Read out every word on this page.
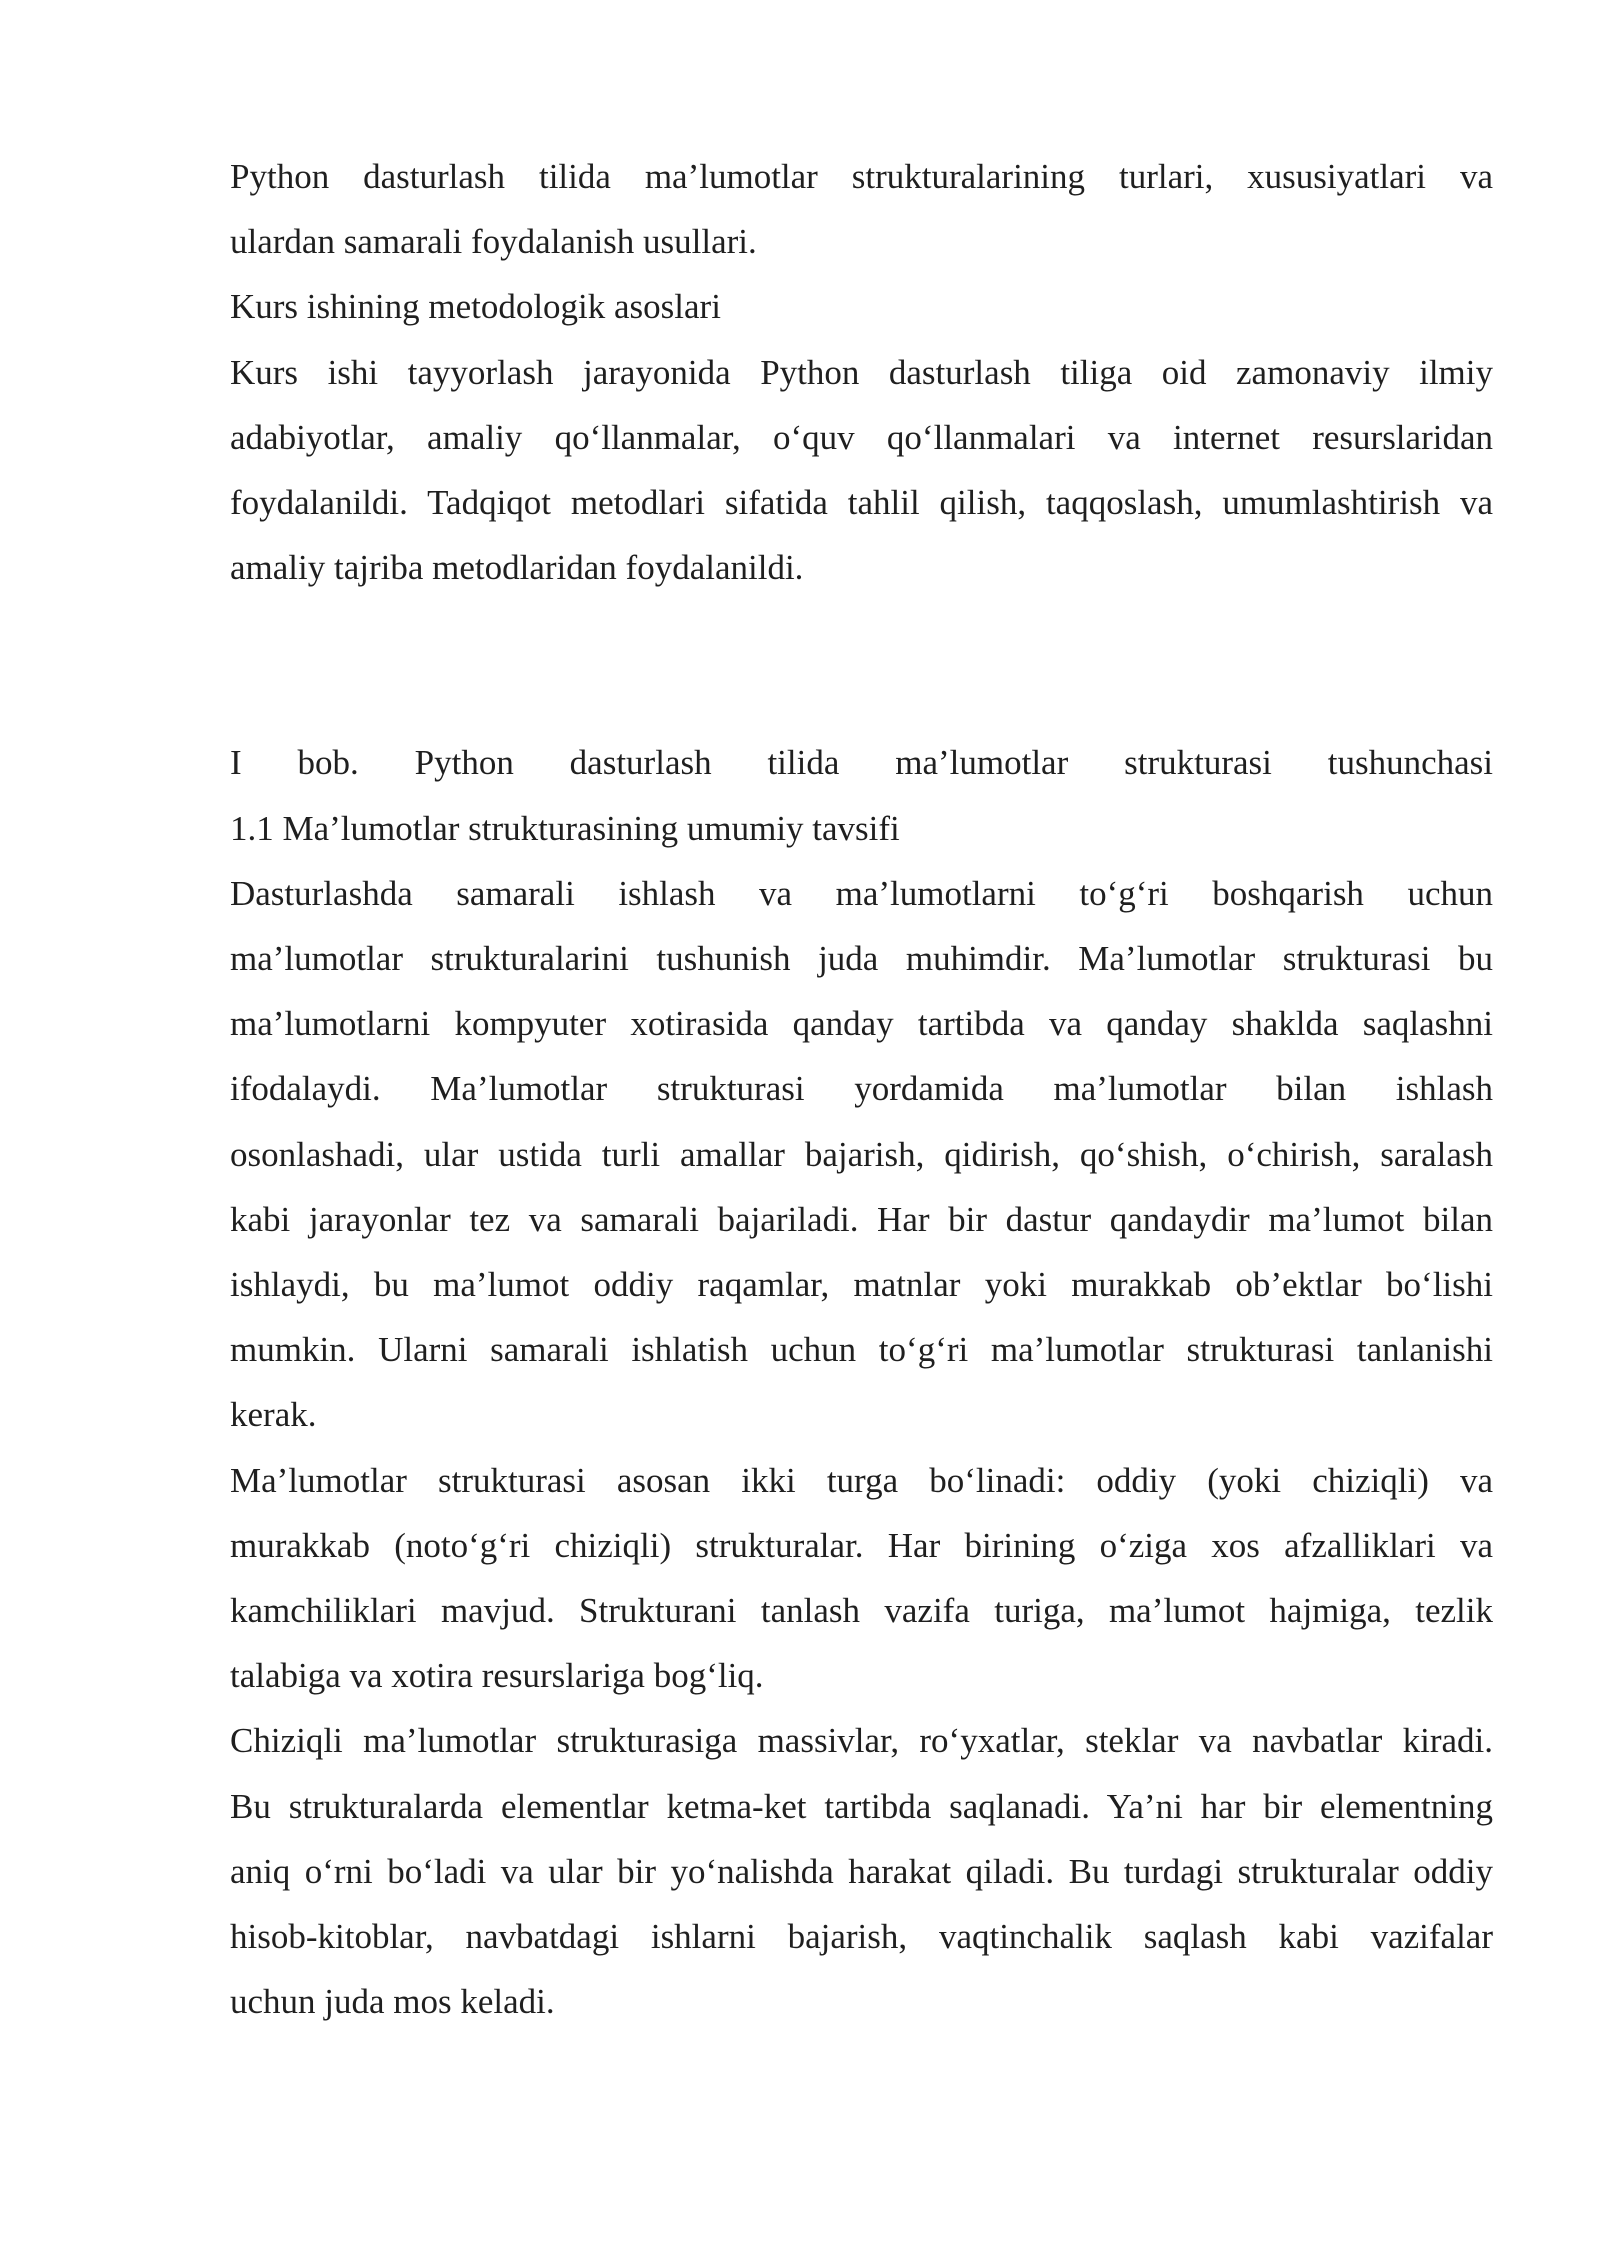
Python dasturlash tilida ma’lumotlar strukturalarining turlari, xususiyatlari va
ulardan samarali foydalanish usullari.
Kurs ishining metodologik asoslari
Kurs ishi tayyorlash jarayonida Python dasturlash tiliga oid zamonaviy ilmiy
adabiyotlar, amaliy qo‘llanmalar, o‘quv qo‘llanmalari va internet resurslaridan
foydalanildi. Tadqiqot metodlari sifatida tahlil qilish, taqqoslash, umumlashtirish va
amaliy tajriba metodlaridan foydalanildi.
I bob. Python dasturlash tilida ma’lumotlar strukturasi tushunchasi
1.1 Ma’lumotlar strukturasining umumiy tavsifi
Dasturlashda samarali ishlash va ma’lumotlarni to‘g‘ri boshqarish uchun
ma’lumotlar strukturalarini tushunish juda muhimdir. Ma’lumotlar strukturasi bu
ma’lumotlarni kompyuter xotirasida qanday tartibda va qanday shaklda saqlashni
ifodalaydi. Ma’lumotlar strukturasi yordamida ma’lumotlar bilan ishlash
osonlashadi, ular ustida turli amallar bajarish, qidirish, qo‘shish, o‘chirish, saralash
kabi jarayonlar tez va samarali bajariladi. Har bir dastur qandaydir ma’lumot bilan
ishlaydi, bu ma’lumot oddiy raqamlar, matnlar yoki murakkab ob’ektlar bo‘lishi
mumkin. Ularni samarali ishlatish uchun to‘g‘ri ma’lumotlar strukturasi tanlanishi
kerak.
Ma’lumotlar strukturasi asosan ikki turga bo‘linadi: oddiy (yoki chiziqli) va
murakkab (noto‘g‘ri chiziqli) strukturalar. Har birining o‘ziga xos afzalliklari va
kamchiliklari mavjud. Strukturani tanlash vazifa turiga, ma’lumot hajmiga, tezlik
talabiga va xotira resurslariga bog‘liq.
Chiziqli ma’lumotlar strukturasiga massivlar, ro‘yxatlar, steklar va navbatlar kiradi.
Bu strukturalarda elementlar ketma-ket tartibda saqlanadi. Ya’ni har bir elementning
aniq o‘rni bo‘ladi va ular bir yo‘nalishda harakat qiladi. Bu turdagi strukturalar oddiy
hisob-kitoblar, navbatdagi ishlarni bajarish, vaqtinchalik saqlash kabi vazifalar
uchun juda mos keladi.
